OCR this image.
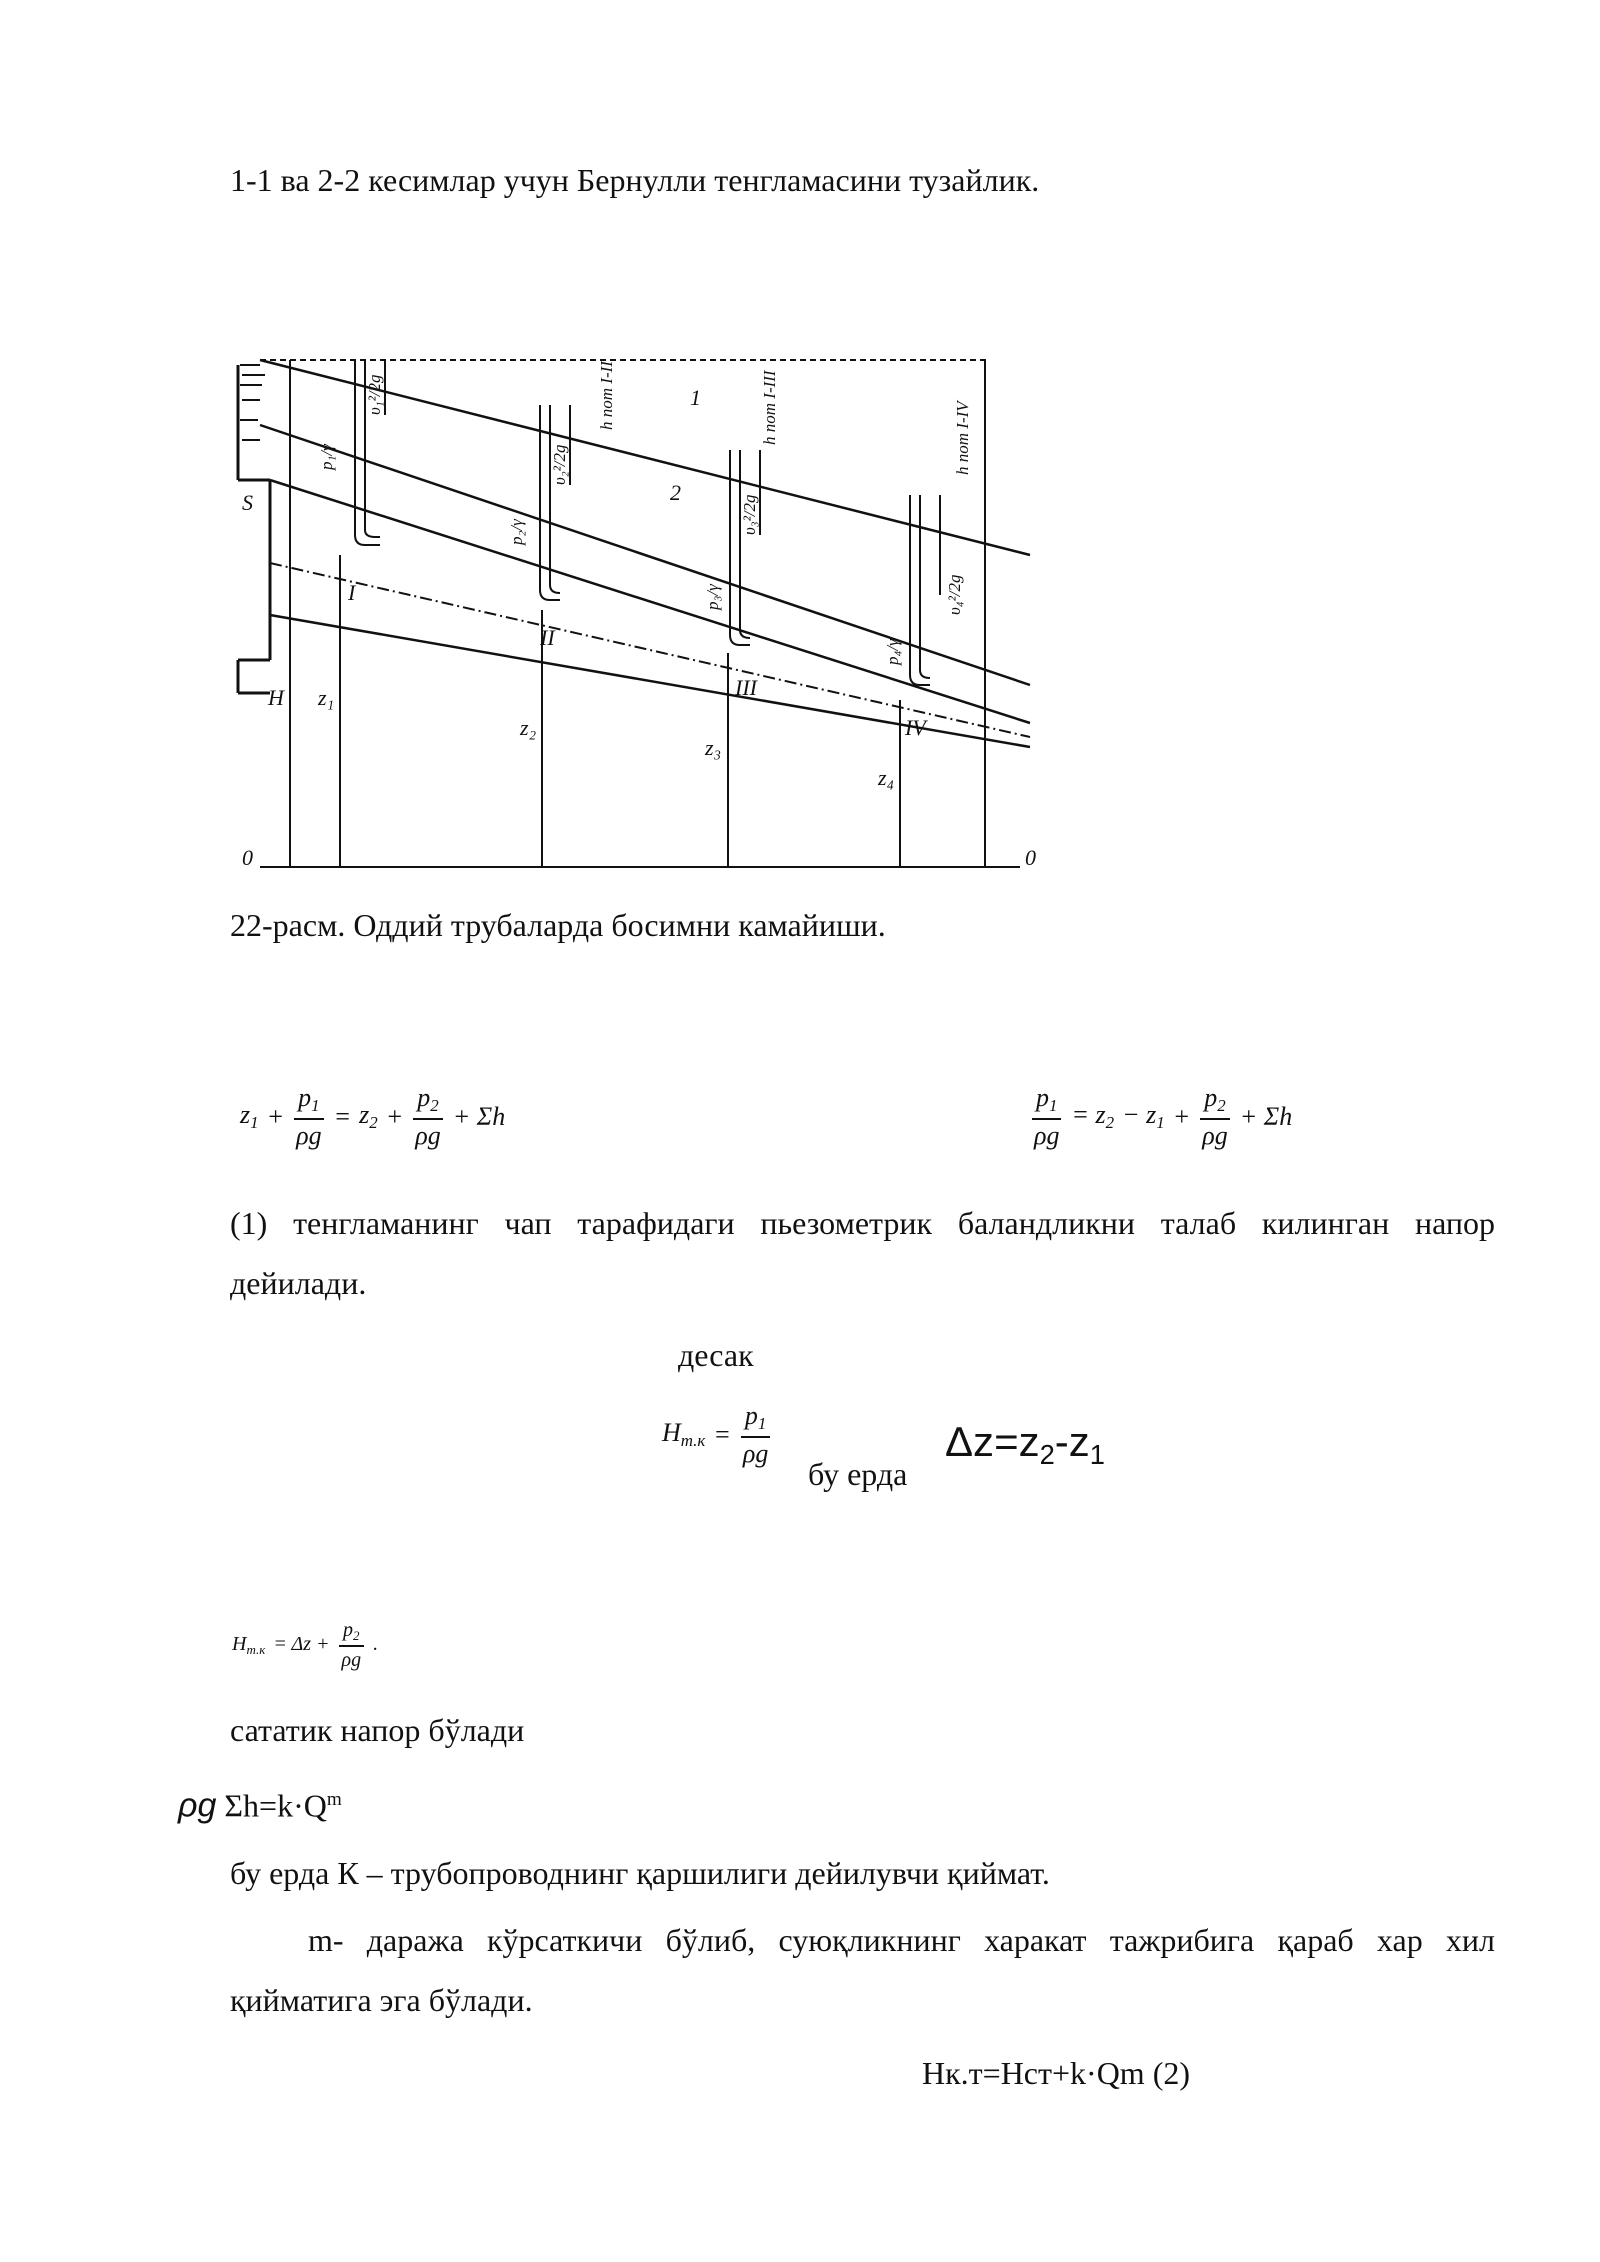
1-1 ва 2-2 кесимлар учун Бернулли тенгламасини тузайлик.
0	0
S
H z₁
z₂
z₃
z₄
I
II
III
IV
1
2
p₁/γ
p₂/γ
p₃/γ
p₄/γ
υ₁²/2g
υ₂²/2g
υ₃²/2g
υ₄²/2g
h пот I-II	h пот I-III	h пот I-IV
22-расм. Оддий трубаларда босимни камайиши.
$z_1 + \frac{p_1}{\rho g} = z_2 + \frac{p_2}{\rho g} + \Sigma h$	$\frac{p_1}{\rho g} = z_2 - z_1 + \frac{p_2}{\rho g} + \Sigma h$
(1) тенгламанинг чап тарафидаги пьезометрик баландликни талаб килинган напор дейилади.
десак
$H_{т.к} = \frac{p_1}{\rho g}$
бу ерда
$\Delta z=z_2-z_1$
$H_{т.к} = \Delta z + \frac{p_2}{\rho g}$ .
сататик напор бўлади
ρg $\Sigma h=k\cdot Q^m$
бу ерда К – трубопроводнинг қаршилиги дейилувчи қиймат.
m- даража кўрсаткичи бўлиб, суюқликнинг харакат тажрибига қараб хар хил қийматига эга бўлади.
Нк.т=Нст+k·Qm (2)
